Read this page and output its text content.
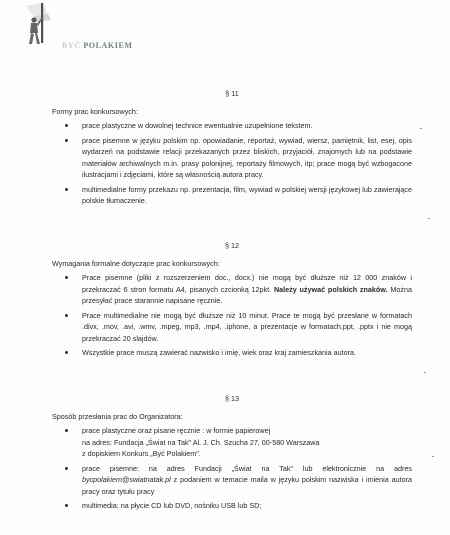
BYĆ POLAKIEM
§ 11
Formy prac konkursowych:
prace plastyczne w dowolnej technice ewentualnie uzupełnione tekstem.
prace pisemne w języku polskim np. opowiadanie, reportaż, wywiad, wiersz, pamiętnik, list, esej, opis wydarzeń na podstawie relacji przekazanych przez bliskich, przyjaciół, znajomych lub na podstawie materiałów archiwalnych m.in. prasy polonijnej, reportaży filmowych, itp; prace mogą być wzbogacone ilustracjami i zdjęciami, które są własnością autora pracy.
multimedialne formy przekazu np. prezentacja, film, wywiad w polskiej wersji językowej lub zawierające polskie tłumaczenie.
§ 12
Wymagania formalne dotyczące prac konkursowych:
Prace pisemne (pliki z rozszerzeniem doc., docx.) nie mogą być dłuższe niż 12 000 znaków i przekraczać 6 stron formatu A4, pisanych czcionką 12pkt. Należy używać polskich znaków. Można przesyłać prace starannie napisane ręcznie.
Prace multimedialne nie mogą być dłuższe niż 10 minut. Prace te mogą być przesłane w formatach .divx, .mov, .avi, .wmv, .mpeg, mp3, .mp4, .iphone, a prezentacje w formatach.ppt, .pptx i nie mogą przekraczać 20 slajdów.
Wszystkie prace muszą zawierać nazwisko i imię, wiek oraz kraj zamieszkania autora.
§ 13
Sposób przesłania prac do Organizatora:
prace plastyczne oraz pisane ręcznie : w formie papierowej
na adres: Fundacja „Świat na Tak" Al. J. Ch. Szucha 27, 00-580 Warszawa
z dopiskiem Konkurs „Być Polakiem".
prace pisemne: na adres Fundacji „Świat na Tak" lub elektronicznie na adres bycpolakiem@swiatnatak.pl z podaniem w temacie maila w języku polskim nazwiska i imienia autora pracy oraz tytułu pracy
multimedia: na płycie CD lub DVD, nośniku USB lub SD;
